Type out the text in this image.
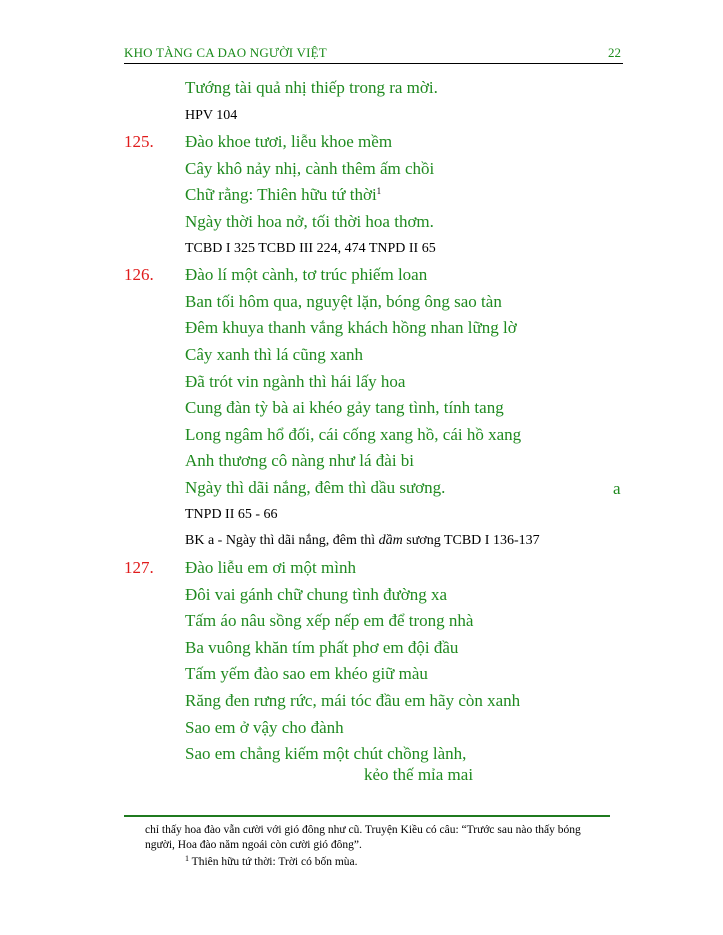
KHO TÀNG CA DAO NGƯỜI VIỆT	22
Tướng tài quả nhị thiếp trong ra mời.
HPV 104
125. Đào khoe tươi, liễu khoe mềm
Cây khô nảy nhị, cành thêm ấm chồi
Chữ rằng: Thiên hữu tứ thời$^1$
Ngày thời hoa nở, tối thời hoa thơm.
TCBD I 325 TCBD III 224, 474 TNPD II 65
126. Đào lí một cành, tơ trúc phiếm loan
Ban tối hôm qua, nguyệt lặn, bóng ông sao tàn
Đêm khuya thanh vắng khách hồng nhan lững lờ
Cây xanh thì lá cũng xanh
Đã trót vin ngành thì hái lấy hoa
Cung đàn tỳ bà ai khéo gảy tang tình, tính tang
Long ngâm hổ đối, cái cống xang hồ, cái hồ xang
Anh thương cô nàng như lá đài bi
Ngày thì dãi nắng, đêm thì dầu sương.	a
TNPD II 65 - 66
BK a - Ngày thì dãi nắng, đêm thì dầm sương TCBD I 136-137
127. Đào liễu em ơi một mình
Đôi vai gánh chữ chung tình đường xa
Tấm áo nâu sồng xếp nếp em để trong nhà
Ba vuông khăn tím phất phơ em đội đầu
Tấm yếm đào sao em khéo giữ màu
Răng đen rưng rức, mái tóc đầu em hãy còn xanh
Sao em ở vậy cho đành
Sao em chẳng kiếm một chút chồng lành,
kẻo thế mỉa mai
chỉ thấy hoa đào vẫn cười với gió đông như cũ. Truyện Kiều có câu: “Trước sau nào thấy bóng
người, Hoa đào năm ngoái còn cười gió đông”.
$^1$ Thiên hữu tứ thời: Trời có bốn mùa.
